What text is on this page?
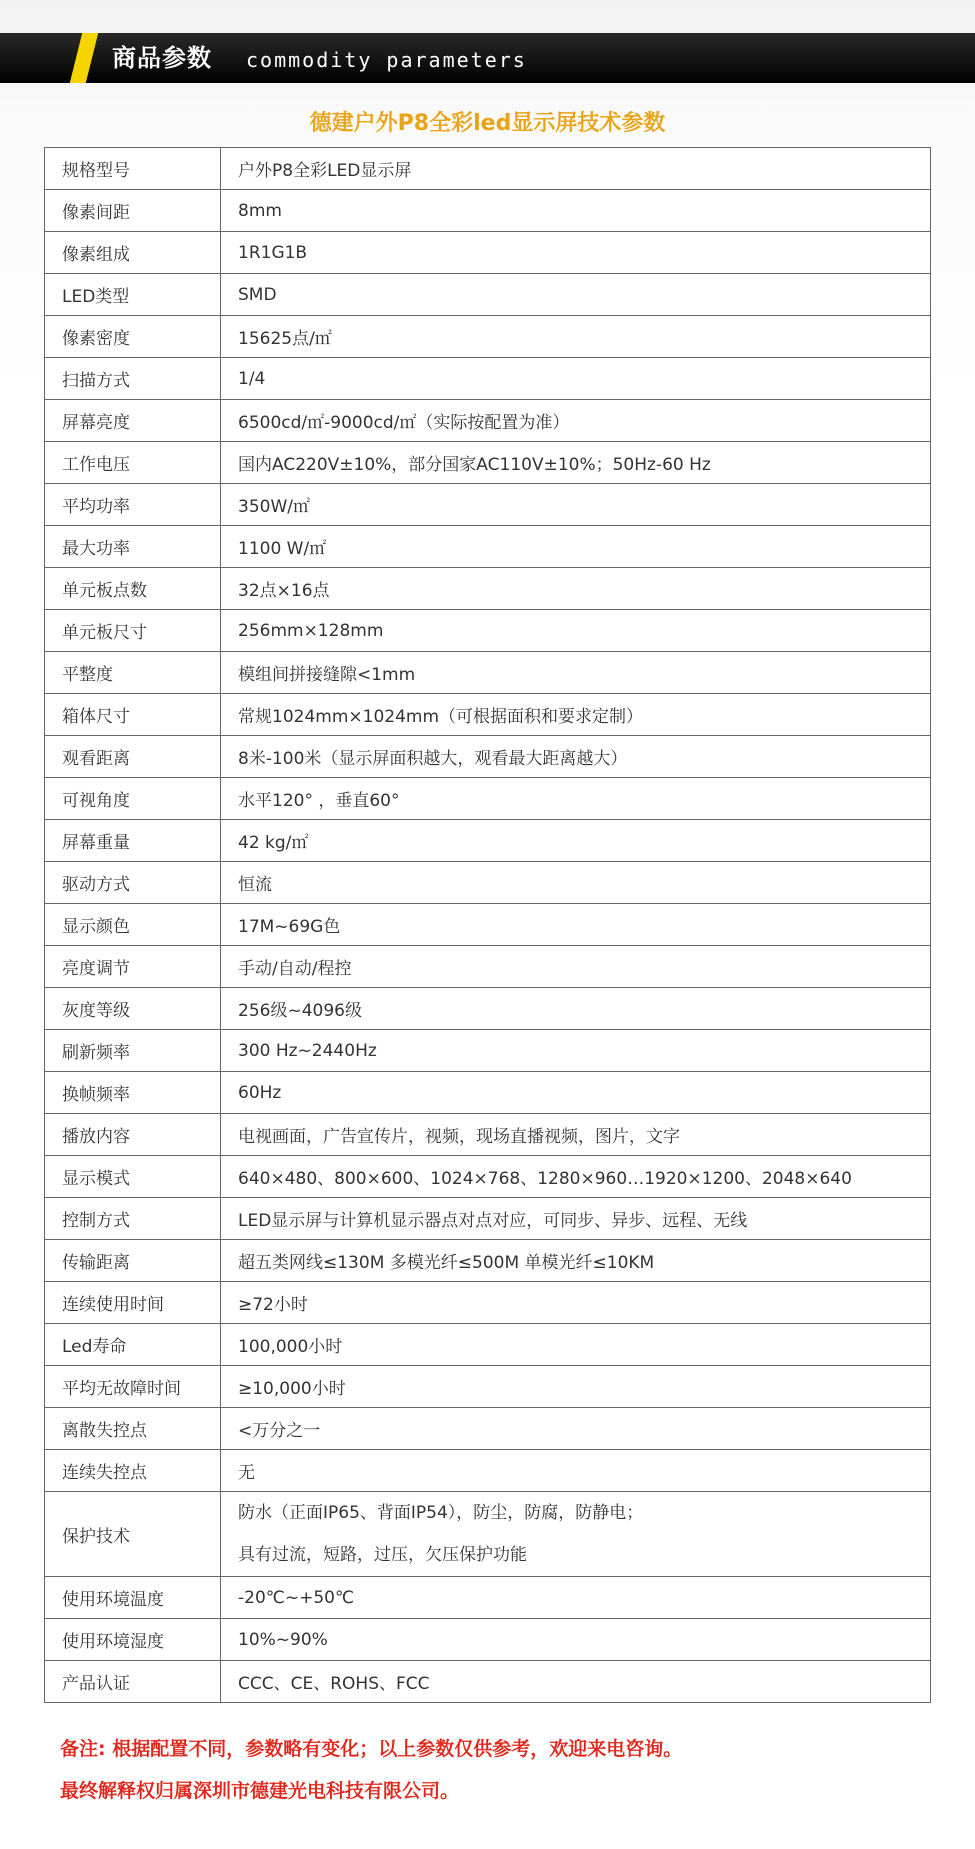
商品参数 commodity parameters
德建户外P8全彩led显示屏技术参数
规格型号	户外P8全彩LED显示屏
像素间距	8mm
像素组成	1R1G1B
LED类型	SMD
像素密度	15625点/㎡
扫描方式	1/4
屏幕亮度	6500cd/㎡-9000cd/㎡（实际按配置为准）
工作电压	国内AC220V±10%，部分国家AC110V±10%；50Hz-60 Hz
平均功率	350W/㎡
最大功率	1100 W/㎡
单元板点数	32点×16点
单元板尺寸	256mm×128mm
平整度	模组间拼接缝隙<1mm
箱体尺寸	常规1024mm×1024mm（可根据面积和要求定制）
观看距离	8米-100米（显示屏面积越大，观看最大距离越大）
可视角度	水平120° ，垂直60°
屏幕重量	42 kg/㎡
驱动方式	恒流
显示颜色	17M~69G色
亮度调节	手动/自动/程控
灰度等级	256级~4096级
刷新频率	300 Hz~2440Hz
换帧频率	60Hz
播放内容	电视画面，广告宣传片，视频，现场直播视频，图片，文字
显示模式	640×480、800×600、1024×768、1280×960…1920×1200、2048×640
控制方式	LED显示屏与计算机显示器点对点对应，可同步、异步、远程、无线
传输距离	超五类网线≤130M 多模光纤≤500M 单模光纤≤10KM
连续使用时间	≥72小时
Led寿命	100,000小时
平均无故障时间	≥10,000小时
离散失控点	<万分之一
连续失控点	无
保护技术	防水（正面IP65、背面IP54），防尘，防腐，防静电；
具有过流，短路，过压，欠压保护功能

使用环境温度	-20℃~+50℃
使用环境湿度	10%~90%
产品认证	CCC、CE、ROHS、FCC
备注: 根据配置不同，参数略有变化；以上参数仅供参考，欢迎来电咨询。
最终解释权归属深圳市德建光电科技有限公司。
